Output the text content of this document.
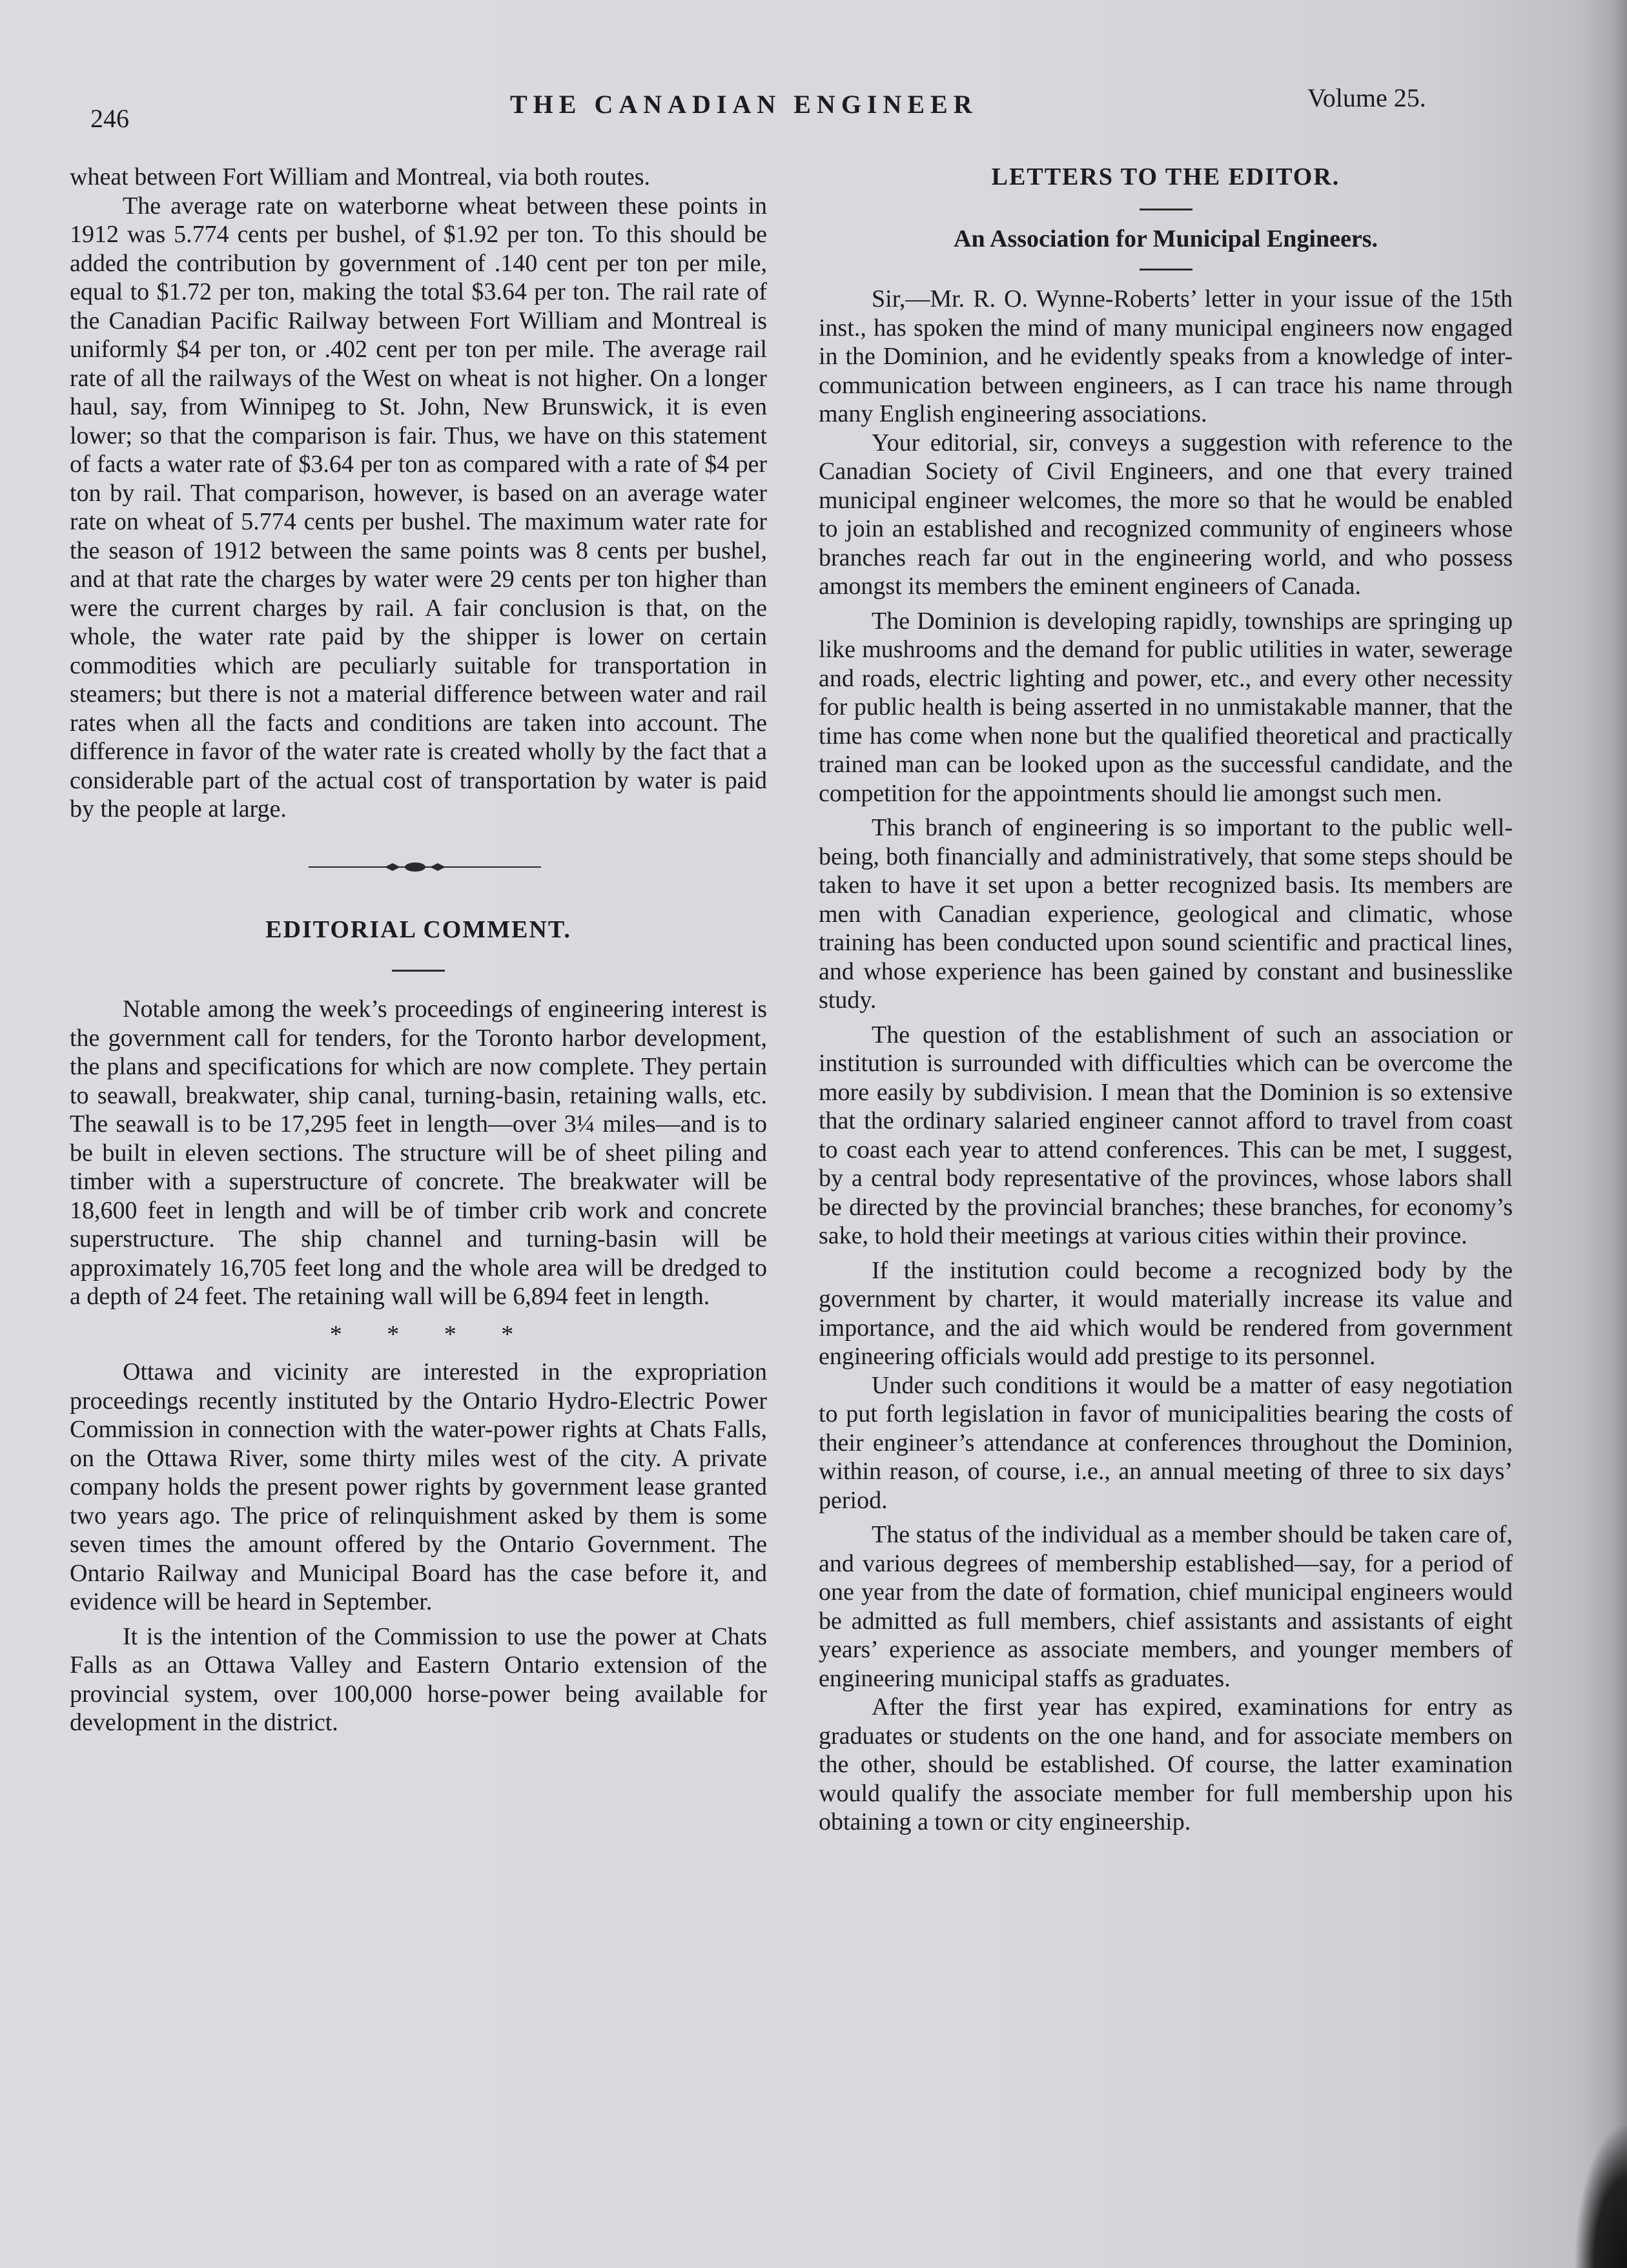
246	THE CANADIAN ENGINEER	Volume 25.

wheat between Fort William and Montreal, via both routes.

The average rate on waterborne wheat between these points in 1912 was 5.774 cents per bushel, of $1.92 per ton. To this should be added the contribution by government of .140 cent per ton per mile, equal to $1.72 per ton, making the total $3.64 per ton. The rail rate of the Canadian Pacific Railway between Fort William and Montreal is uniformly $4 per ton, or .402 cent per ton per mile. The average rail rate of all the railways of the West on wheat is not higher. On a longer haul, say, from Winnipeg to St. John, New Brunswick, it is even lower; so that the comparison is fair. Thus, we have on this statement of facts a water rate of $3.64 per ton as compared with a rate of $4 per ton by rail. That comparison, however, is based on an average water rate on wheat of 5.774 cents per bushel. The maximum water rate for the season of 1912 between the same points was 8 cents per bushel, and at that rate the charges by water were 29 cents per ton higher than were the current charges by rail. A fair conclusion is that, on the whole, the water rate paid by the shipper is lower on certain commodities which are peculiarly suitable for transportation in steamers; but there is not a material difference between water and rail rates when all the facts and conditions are taken into account. The difference in favor of the water rate is created wholly by the fact that a considerable part of the actual cost of transportation by water is paid by the people at large.

EDITORIAL COMMENT.

Notable among the week’s proceedings of engineering interest is the government call for tenders, for the Toronto harbor development, the plans and specifications for which are now complete. They pertain to seawall, breakwater, ship canal, turning-basin, retaining walls, etc. The seawall is to be 17,295 feet in length—over 3¼ miles—and is to be built in eleven sections. The structure will be of sheet piling and timber with a superstructure of concrete. The breakwater will be 18,600 feet in length and will be of timber crib work and concrete superstructure. The ship channel and turning-basin will be approximately 16,705 feet long and the whole area will be dredged to a depth of 24 feet. The retaining wall will be 6,894 feet in length.

* * * *

Ottawa and vicinity are interested in the expropriation proceedings recently instituted by the Ontario Hydro-Electric Power Commission in connection with the water-power rights at Chats Falls, on the Ottawa River, some thirty miles west of the city. A private company holds the present power rights by government lease granted two years ago. The price of relinquishment asked by them is some seven times the amount offered by the Ontario Government. The Ontario Railway and Municipal Board has the case before it, and evidence will be heard in September.

It is the intention of the Commission to use the power at Chats Falls as an Ottawa Valley and Eastern Ontario extension of the provincial system, over 100,000 horse-power being available for development in the district.

LETTERS TO THE EDITOR.

An Association for Municipal Engineers.

Sir,—Mr. R. O. Wynne-Roberts’ letter in your issue of the 15th inst., has spoken the mind of many municipal engineers now engaged in the Dominion, and he evidently speaks from a knowledge of inter-communication between engineers, as I can trace his name through many English engineering associations.

Your editorial, sir, conveys a suggestion with reference to the Canadian Society of Civil Engineers, and one that every trained municipal engineer welcomes, the more so that he would be enabled to join an established and recognized community of engineers whose branches reach far out in the engineering world, and who possess amongst its members the eminent engineers of Canada.

The Dominion is developing rapidly, townships are springing up like mushrooms and the demand for public utilities in water, sewerage and roads, electric lighting and power, etc., and every other necessity for public health is being asserted in no unmistakable manner, that the time has come when none but the qualified theoretical and practically trained man can be looked upon as the successful candidate, and the competition for the appointments should lie amongst such men.

This branch of engineering is so important to the public well-being, both financially and administratively, that some steps should be taken to have it set upon a better recognized basis. Its members are men with Canadian experience, geological and climatic, whose training has been conducted upon sound scientific and practical lines, and whose experience has been gained by constant and businesslike study.

The question of the establishment of such an association or institution is surrounded with difficulties which can be overcome the more easily by subdivision. I mean that the Dominion is so extensive that the ordinary salaried engineer cannot afford to travel from coast to coast each year to attend conferences. This can be met, I suggest, by a central body representative of the provinces, whose labors shall be directed by the provincial branches; these branches, for economy’s sake, to hold their meetings at various cities within their province.

If the institution could become a recognized body by the government by charter, it would materially increase its value and importance, and the aid which would be rendered from government engineering officials would add prestige to its personnel.

Under such conditions it would be a matter of easy negotiation to put forth legislation in favor of municipalities bearing the costs of their engineer’s attendance at conferences throughout the Dominion, within reason, of course, i.e., an annual meeting of three to six days’ period.

The status of the individual as a member should be taken care of, and various degrees of membership established—say, for a period of one year from the date of formation, chief municipal engineers would be admitted as full members, chief assistants and assistants of eight years’ experience as associate members, and younger members of engineering municipal staffs as graduates.

After the first year has expired, examinations for entry as graduates or students on the one hand, and for associate members on the other, should be established. Of course, the latter examination would qualify the associate member for full membership upon his obtaining a town or city engineership.
